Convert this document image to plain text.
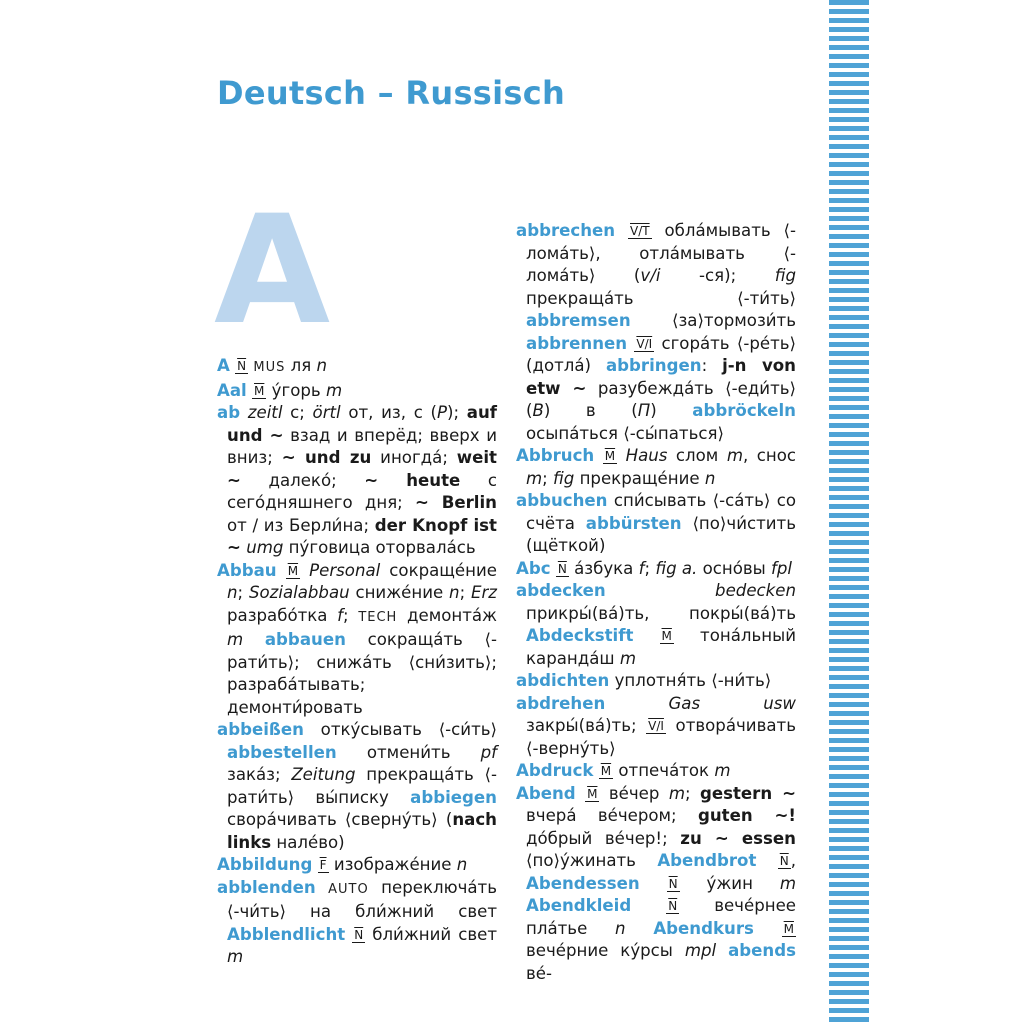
Deutsch – Russisch
A
A $\overline{N}$ MUS ля n
Aal $\overline{M}$ у́горь m
ab zeitl с; örtl от, из, с (P); auf und ~ взад и вперёд; вверх и вниз; ~ und zu иногда́; weit ~ далеко́; ~ heute с сего́дняшнего дня; ~ Berlin от / из Берли́на; der Knopf ist ~ umg пу́говица оторвала́сь
Abbau $\overline{M}$ Personal сокраще́ние n; Sozialabbau сниже́ние n; Erz разрабо́тка f; TECH демонта́ж m abbauen сокраща́ть ⟨-рати́ть⟩; снижа́ть ⟨сни́зить⟩; разраба́тывать; демонти́ровать
abbeißen отку́сывать ⟨-си́ть⟩ abbestellen отмени́ть pf зака́з; Zeitung прекраща́ть ⟨-рати́ть⟩ вы́писку abbiegen свора́чивать ⟨сверну́ть⟩ (nach links нале́во)
Abbildung $\overline{F}$ изображе́ние n
abblenden AUTO переключа́ть ⟨-чи́ть⟩ на бли́жний свет Abblendlicht $\overline{N}$ бли́жний свет m
abbrechen V/T обла́мывать ⟨-лома́ть⟩, отла́мывать ⟨-лома́ть⟩ (v/i -ся); fig прекраща́ть ⟨-ти́ть⟩ abbremsen ⟨за⟩тормози́ть abbrennen V/I сгора́ть ⟨-ре́ть⟩ (дотла́) abbringen: j-n von etw ~ разубежда́ть ⟨-еди́ть⟩ (B) в (П) abbröckeln осыпа́ться ⟨-сы́паться⟩
Abbruch $\overline{M}$ Haus слом m, снос m; fig прекраще́ние n
abbuchen спи́сывать ⟨-са́ть⟩ со счёта abbürsten ⟨по⟩чи́стить (щёткой)
Abc $\overline{N}$ а́збука f; fig a. осно́вы fpl
abdecken	bedecken прикры́(ва́)ть, покры́(ва́)ть Abdeckstift $\overline{M}$ тона́льный каранда́ш m
abdichten уплотня́ть ⟨-ни́ть⟩
abdrehen	Gas usw закры́(ва́)ть; V/I отвора́чивать ⟨-верну́ть⟩
Abdruck $\overline{M}$ отпеча́ток m
Abend $\overline{M}$ ве́чер m; gestern ~ вчера́ ве́чером; guten ~! до́брый ве́чер!; zu ~ essen ⟨по⟩у́жинать Abendbrot $\overline{N}$ , Abendessen $\overline{N}$ у́жин m Abendkleid	$\overline{N}$ вече́рнее пла́тье n Abendkurs $\overline{M}$ вече́рние ку́рсы mpl abends ве́-
